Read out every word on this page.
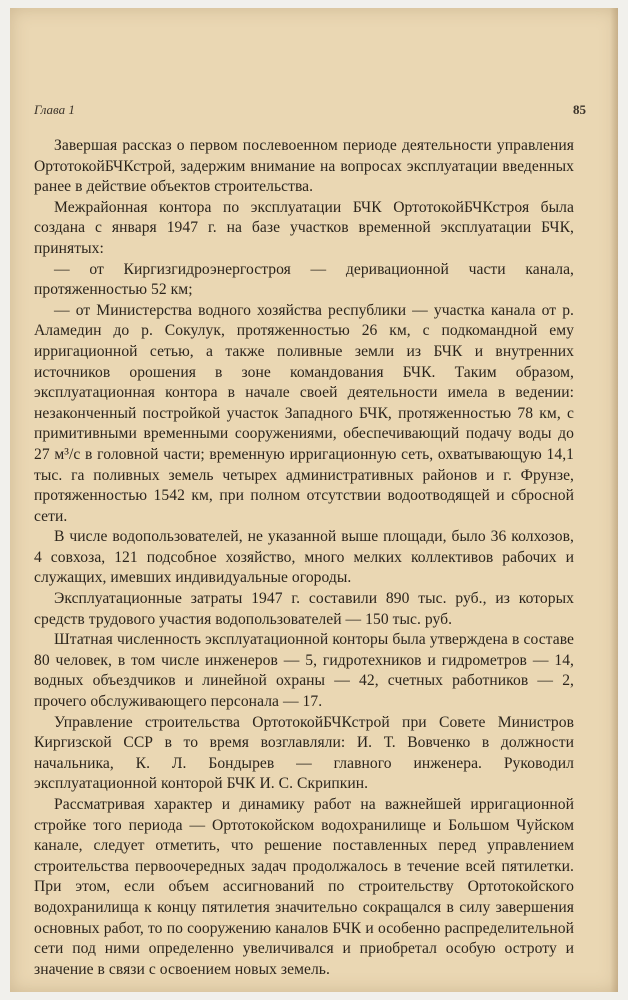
Глава 1	85

Завершая рассказ о первом послевоенном периоде деятельности управления ОртотокойБЧКстрой, задержим внимание на вопросах эксплуатации введенных ранее в действие объектов строительства.

Межрайонная контора по эксплуатации БЧК ОртотокойБЧКстроя была создана с января 1947 г. на базе участков временной эксплуатации БЧК, принятых:

— от Киргизгидроэнергостроя — деривационной части канала, протяженностью 52 км;

— от Министерства водного хозяйства республики — участка канала от р. Аламедин до р. Сокулук, протяженностью 26 км, с подкомандной ему ирригационной сетью, а также поливные земли из БЧК и внутренних источников орошения в зоне командования БЧК. Таким образом, эксплуатационная контора в начале своей деятельности имела в ведении: незаконченный постройкой участок Западного БЧК, протяженностью 78 км, с примитивными временными сооружениями, обеспечивающий подачу воды до 27 м³/с в головной части; временную ирригационную сеть, охватывающую 14,1 тыс. га поливных земель четырех административных районов и г. Фрунзе, протяженностью 1542 км, при полном отсутствии водоотводящей и сбросной сети.

В числе водопользователей, не указанной выше площади, было 36 колхозов, 4 совхоза, 121 подсобное хозяйство, много мелких коллективов рабочих и служащих, имевших индивидуальные огороды.

Эксплуатационные затраты 1947 г. составили 890 тыс. руб., из которых средств трудового участия водопользователей — 150 тыс. руб.

Штатная численность эксплуатационной конторы была утверждена в составе 80 человек, в том числе инженеров — 5, гидротехников и гидрометров — 14, водных объездчиков и линейной охраны — 42, счетных работников — 2, прочего обслуживающего персонала — 17.

Управление строительства ОртотокойБЧКстрой при Совете Министров Киргизской ССР в то время возглавляли: И. Т. Вовченко в должности начальника, К. Л. Бондырев — главного инженера. Руководил эксплуатационной конторой БЧК И. С. Скрипкин.

Рассматривая характер и динамику работ на важнейшей ирригационной стройке того периода — Ортотокойском водохранилище и Большом Чуйском канале, следует отметить, что решение поставленных перед управлением строительства первоочередных задач продолжалось в течение всей пятилетки. При этом, если объем ассигнований по строительству Ортотокойского водохранилища к концу пятилетия значительно сокращался в силу завершения основных работ, то по сооружению каналов БЧК и особенно распределительной сети под ними определенно увеличивался и приобретал особую остроту и значение в связи с освоением новых земель.
